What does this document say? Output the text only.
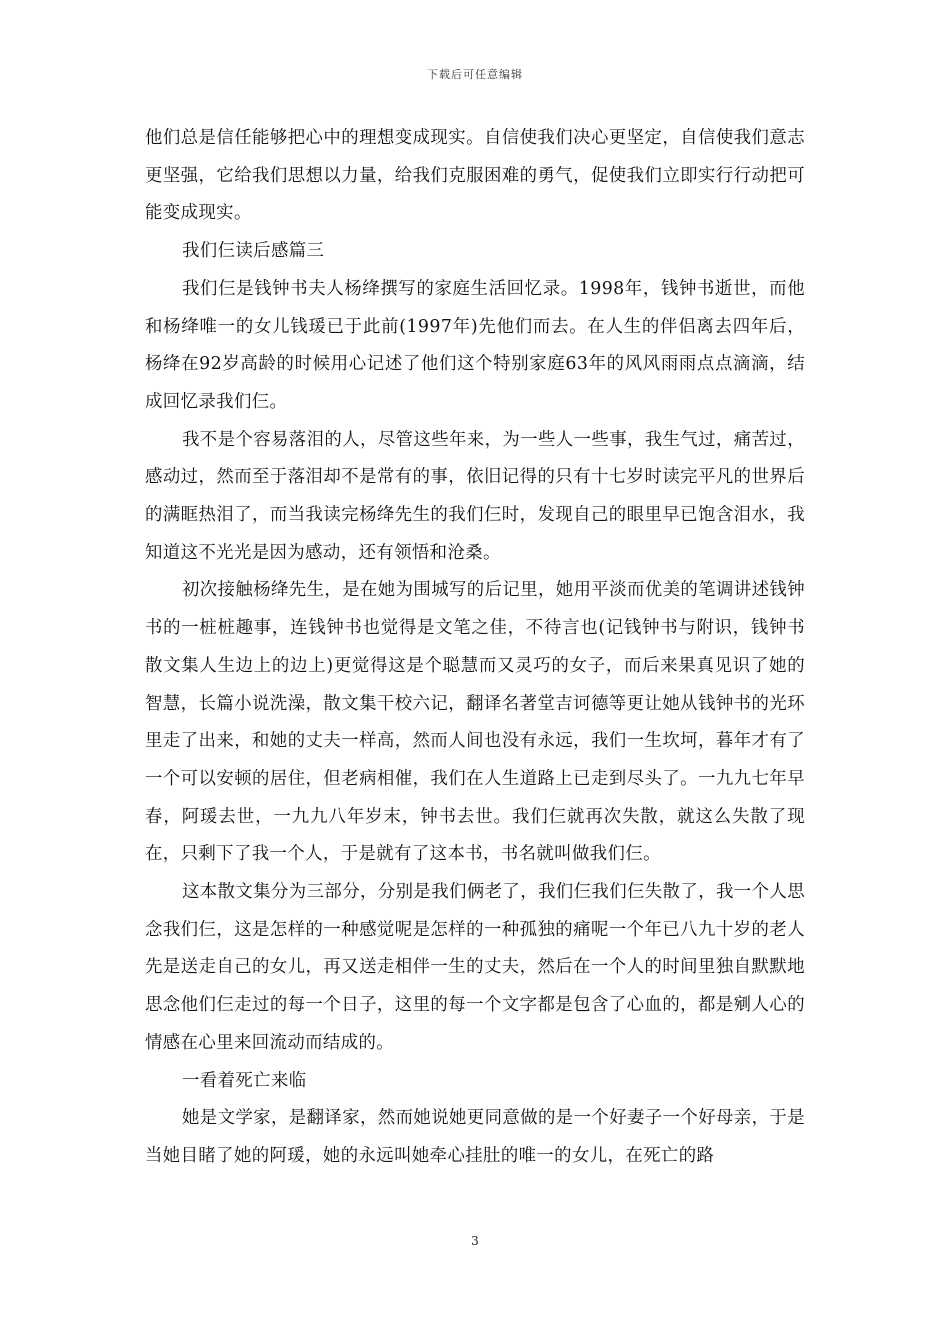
下载后可任意编辑

他们总是信任能够把心中的理想变成现实。自信使我们决心更坚定，自信使我们意志更坚强，它给我们思想以力量，给我们克服困难的勇气，促使我们立即实行行动把可能变成现实。

我们仨读后感篇三

我们仨是钱钟书夫人杨绛撰写的家庭生活回忆录。1998年，钱钟书逝世，而他和杨绛唯一的女儿钱瑗已于此前(1997年)先他们而去。在人生的伴侣离去四年后，杨绛在92岁高龄的时候用心记述了他们这个特别家庭63年的风风雨雨点点滴滴，结成回忆录我们仨。

我不是个容易落泪的人，尽管这些年来，为一些人一些事，我生气过，痛苦过，感动过，然而至于落泪却不是常有的事，依旧记得的只有十七岁时读完平凡的世界后的满眶热泪了，而当我读完杨绛先生的我们仨时，发现自己的眼里早已饱含泪水，我知道这不光光是因为感动，还有领悟和沧桑。

初次接触杨绛先生，是在她为围城写的后记里，她用平淡而优美的笔调讲述钱钟书的一桩桩趣事，连钱钟书也觉得是文笔之佳，不待言也(记钱钟书与附识，钱钟书散文集人生边上的边上)更觉得这是个聪慧而又灵巧的女子，而后来果真见识了她的智慧，长篇小说洗澡，散文集干校六记，翻译名著堂吉诃德等更让她从钱钟书的光环里走了出来，和她的丈夫一样高，然而人间也没有永远，我们一生坎坷，暮年才有了一个可以安顿的居住，但老病相催，我们在人生道路上已走到尽头了。一九九七年早春，阿瑗去世，一九九八年岁末，钟书去世。我们仨就再次失散，就这么失散了现在，只剩下了我一个人，于是就有了这本书，书名就叫做我们仨。

这本散文集分为三部分，分别是我们俩老了，我们仨我们仨失散了，我一个人思念我们仨，这是怎样的一种感觉呢是怎样的一种孤独的痛呢一个年已八九十岁的老人先是送走自己的女儿，再又送走相伴一生的丈夫，然后在一个人的时间里独自默默地思念他们仨走过的每一个日子，这里的每一个文字都是包含了心血的，都是剜人心的情感在心里来回流动而结成的。

一看着死亡来临

她是文学家，是翻译家，然而她说她更同意做的是一个好妻子一个好母亲，于是当她目睹了她的阿瑗，她的永远叫她牵心挂肚的唯一的女儿，在死亡的路

3
